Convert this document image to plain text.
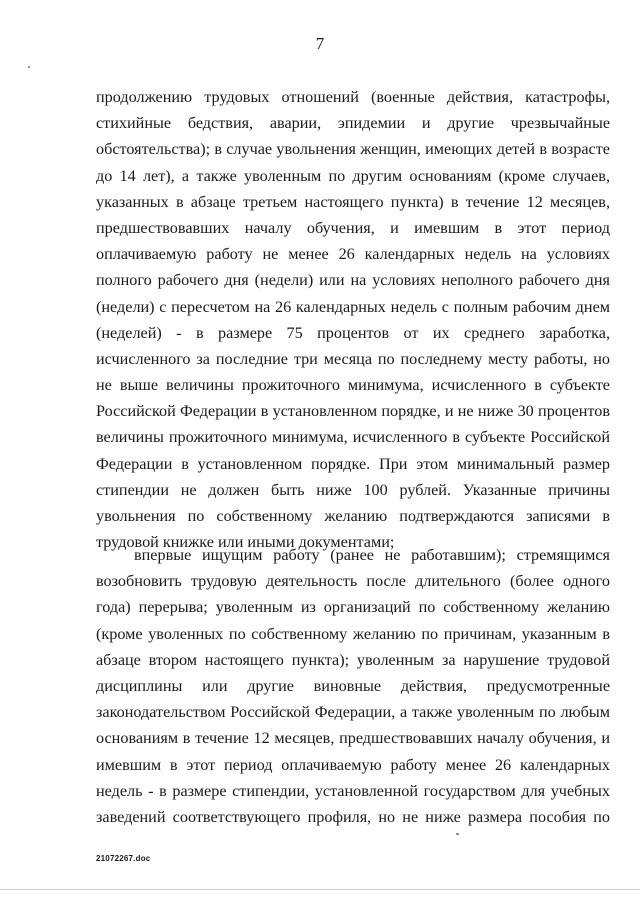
7
продолжению трудовых отношений (военные действия, катастрофы,
стихийные бедствия, аварии, эпидемии и другие чрезвычайные
обстоятельства); в случае увольнения женщин, имеющих детей в возрасте
до 14 лет), а также уволенным по другим основаниям (кроме случаев,
указанных в абзаце третьем настоящего пункта) в течение 12 месяцев,
предшествовавших началу обучения, и имевшим в этот период
оплачиваемую работу не менее 26 календарных недель на условиях
полного рабочего дня (недели) или на условиях неполного рабочего дня
(недели) с пересчетом на 26 календарных недель с полным рабочим днем
(неделей) - в размере 75 процентов от их среднего заработка,
исчисленного за последние три месяца по последнему месту работы, но
не выше величины прожиточного минимума, исчисленного в субъекте
Российской Федерации в установленном порядке, и не ниже 30 процентов
величины прожиточного минимума, исчисленного в субъекте Российской
Федерации в установленном порядке. При этом минимальный размер
стипендии не должен быть ниже 100 рублей. Указанные причины
увольнения по собственному желанию подтверждаются записями в
трудовой книжке или иными документами;
впервые ищущим работу (ранее не работавшим); стремящимся
возобновить трудовую деятельность после длительного (более одного
года) перерыва; уволенным из организаций по собственному желанию
(кроме уволенных по собственному желанию по причинам, указанным в
абзаце втором настоящего пункта); уволенным за нарушение трудовой
дисциплины или другие виновные действия, предусмотренные
законодательством Российской Федерации, а также уволенным по любым
основаниям в течение 12 месяцев, предшествовавших началу обучения, и
имевшим в этот период оплачиваемую работу менее 26 календарных
недель - в размере стипендии, установленной государством для учебных
заведений соответствующего профиля, но не ниже размера пособия по
21072267.doc
